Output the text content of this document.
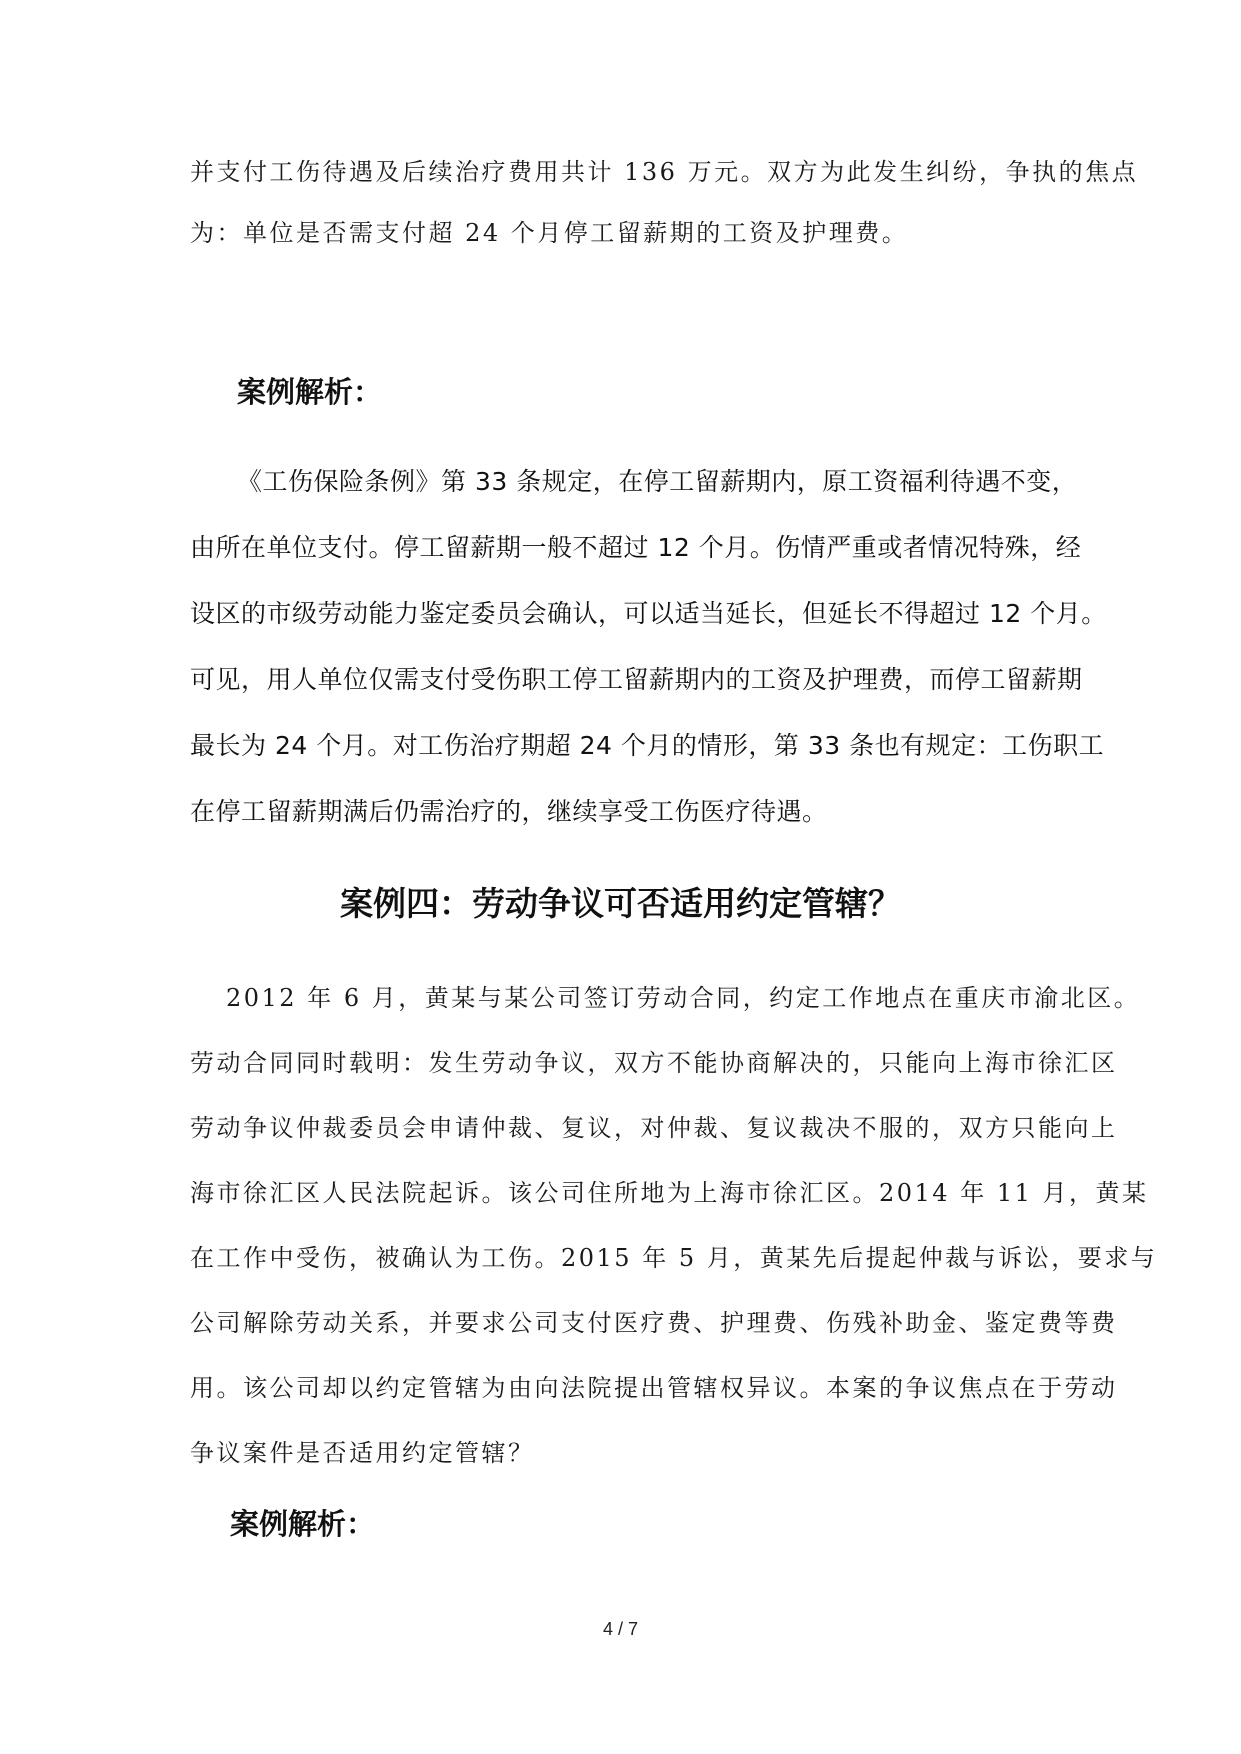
并支付工伤待遇及后续治疗费用共计 136 万元。双方为此发生纠纷，争执的焦点
为：单位是否需支付超 24 个月停工留薪期的工资及护理费。
案例解析：
《工伤保险条例》第 33 条规定，在停工留薪期内，原工资福利待遇不变，
由所在单位支付。停工留薪期一般不超过 12 个月。伤情严重或者情况特殊，经
设区的市级劳动能力鉴定委员会确认，可以适当延长，但延长不得超过 12 个月。
可见，用人单位仅需支付受伤职工停工留薪期内的工资及护理费，而停工留薪期
最长为 24 个月。对工伤治疗期超 24 个月的情形，第 33 条也有规定：工伤职工
在停工留薪期满后仍需治疗的，继续享受工伤医疗待遇。
案例四：劳动争议可否适用约定管辖？
2012 年 6 月，黄某与某公司签订劳动合同，约定工作地点在重庆市渝北区。
劳动合同同时载明：发生劳动争议，双方不能协商解决的，只能向上海市徐汇区
劳动争议仲裁委员会申请仲裁、复议，对仲裁、复议裁决不服的，双方只能向上
海市徐汇区人民法院起诉。该公司住所地为上海市徐汇区。2014 年 11 月，黄某
在工作中受伤，被确认为工伤。2015 年 5 月，黄某先后提起仲裁与诉讼，要求与
公司解除劳动关系，并要求公司支付医疗费、护理费、伤残补助金、鉴定费等费
用。该公司却以约定管辖为由向法院提出管辖权异议。本案的争议焦点在于劳动
争议案件是否适用约定管辖？
案例解析：
4 / 7
